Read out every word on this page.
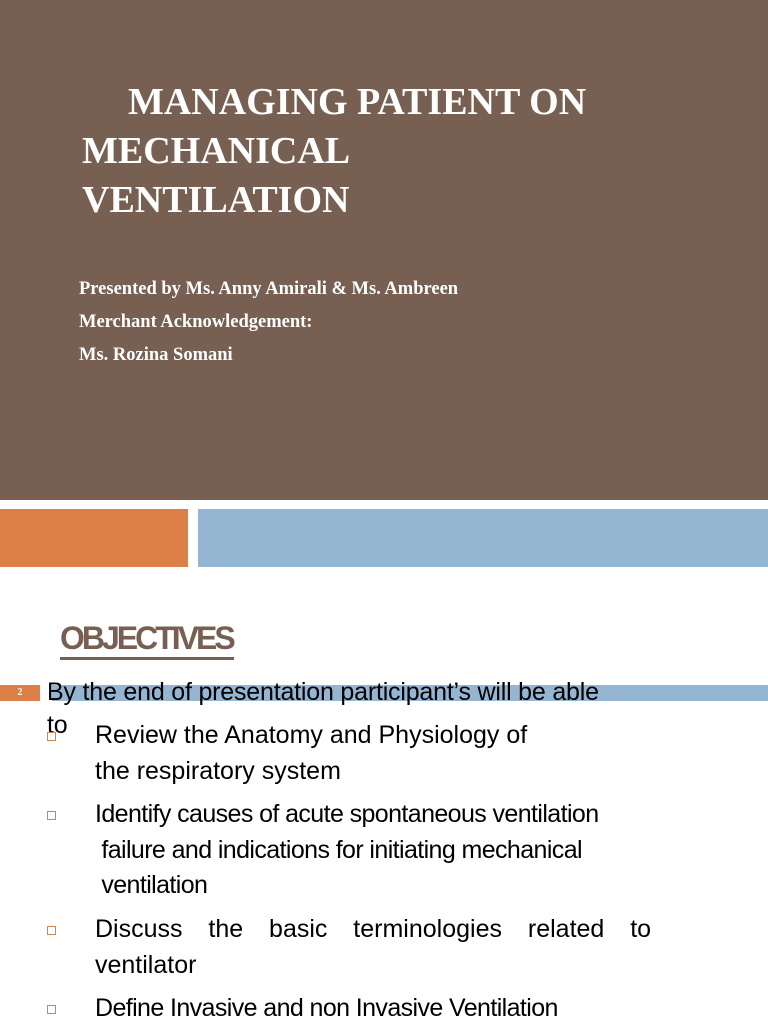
MANAGING PATIENT ON
MECHANICAL
VENTILATION
Presented by Ms. Anny Amirali & Ms. Ambreen
Merchant Acknowledgement:
Ms. Rozina Somani
OBJECTIVES
2 By the end of presentation participant’s will be able
to	Review the Anatomy and Physiology of
the respiratory system
Identify causes of acute spontaneous ventilation
failure and indications for initiating mechanical
ventilation
Discuss  the  basic  terminologies  related  to
ventilator
Define Invasive and non Invasive Ventilation
